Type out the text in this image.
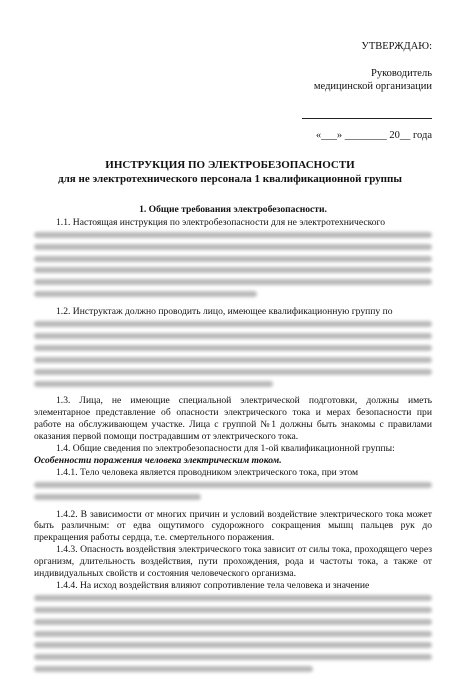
УТВЕРЖДАЮ:
Руководитель
медицинской организации
«___» ________ 20__ года
ИНСТРУКЦИЯ ПО ЭЛЕКТРОБЕЗОПАСНОСТИ
для не электротехнического персонала 1 квалификационной группы
1. Общие требования электробезопасности.
1.1. Настоящая инструкция по электробезопасности для не электротехнического
1.2. Инструктаж должно проводить лицо, имеющее квалификационную группу по
1.3. Лица, не имеющие специальной электрической подготовки, должны иметь элементарное представление об опасности электрического тока и мерах безопасности при работе на обслуживающем участке. Лица с группой №1 должны быть знакомы с правилами оказания первой помощи пострадавшим от электрического тока.
1.4. Общие сведения по электробезопасности для 1-ой квалификационной группы:
Особенности поражения человека электрическим током.
1.4.1. Тело человека является проводником электрического тока, при этом
1.4.2. В зависимости от многих причин и условий воздействие электрического тока может быть различным: от едва ощутимого судорожного сокращения мышц пальцев рук до прекращения работы сердца, т.е. смертельного поражения.
1.4.3. Опасность воздействия электрического тока зависит от силы тока, проходящего через организм, длительность воздействия, пути прохождения, рода и частоты тока, а также от индивидуальных свойств и состояния человеческого организма.
1.4.4. На исход воздействия влияют сопротивление тела человека и значение
